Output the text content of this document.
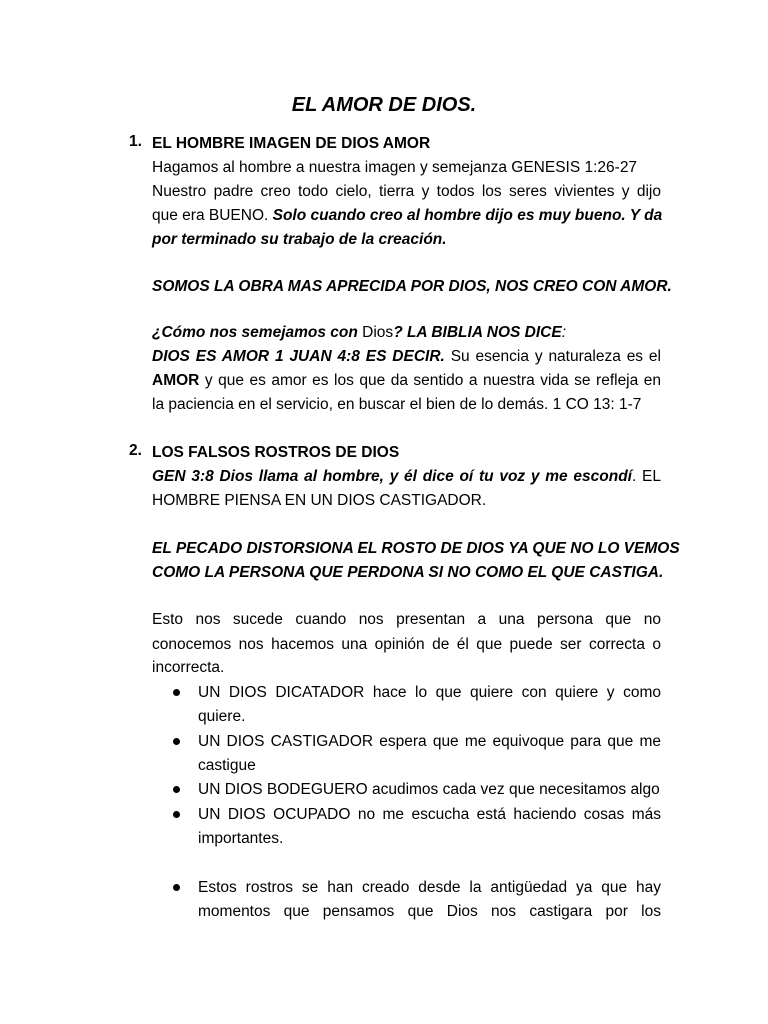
EL AMOR DE DIOS.
1. EL HOMBRE IMAGEN DE DIOS AMOR
Hagamos al hombre a nuestra imagen y semejanza GENESIS 1:26-27
Nuestro padre creo todo cielo, tierra y todos los seres vivientes y dijo
que era BUENO. Solo cuando creo al hombre dijo es muy bueno. Y da
por terminado su trabajo de la creación.
SOMOS LA OBRA MAS APRECIDA POR DIOS, NOS CREO CON AMOR.
¿Cómo nos semejamos con Dios? LA BIBLIA NOS DICE:
DIOS ES AMOR 1 JUAN 4:8 ES DECIR. Su esencia y naturaleza es el
AMOR y que es amor es los que da sentido a nuestra vida se refleja en
la paciencia en el servicio, en buscar el bien de lo demás. 1 CO 13: 1-7
2. LOS FALSOS ROSTROS DE DIOS
GEN 3:8 Dios llama al hombre, y él dice oí tu voz y me escondí. EL
HOMBRE PIENSA EN UN DIOS CASTIGADOR.
EL PECADO DISTORSIONA EL ROSTO DE DIOS YA QUE NO LO VEMOS
COMO LA PERSONA QUE PERDONA SI NO COMO EL QUE CASTIGA.
Esto nos sucede cuando nos presentan a una persona que no
conocemos nos hacemos una opinión de él que puede ser correcta o
incorrecta.
UN DIOS DICATADOR hace lo que quiere con quiere y como
quiere.
UN DIOS CASTIGADOR espera que me equivoque para que me
castigue
UN DIOS BODEGUERO acudimos cada vez que necesitamos algo
UN DIOS OCUPADO no me escucha está haciendo cosas más
importantes.
Estos rostros se han creado desde la antigüedad ya que hay
momentos que pensamos que Dios nos castigara por los
